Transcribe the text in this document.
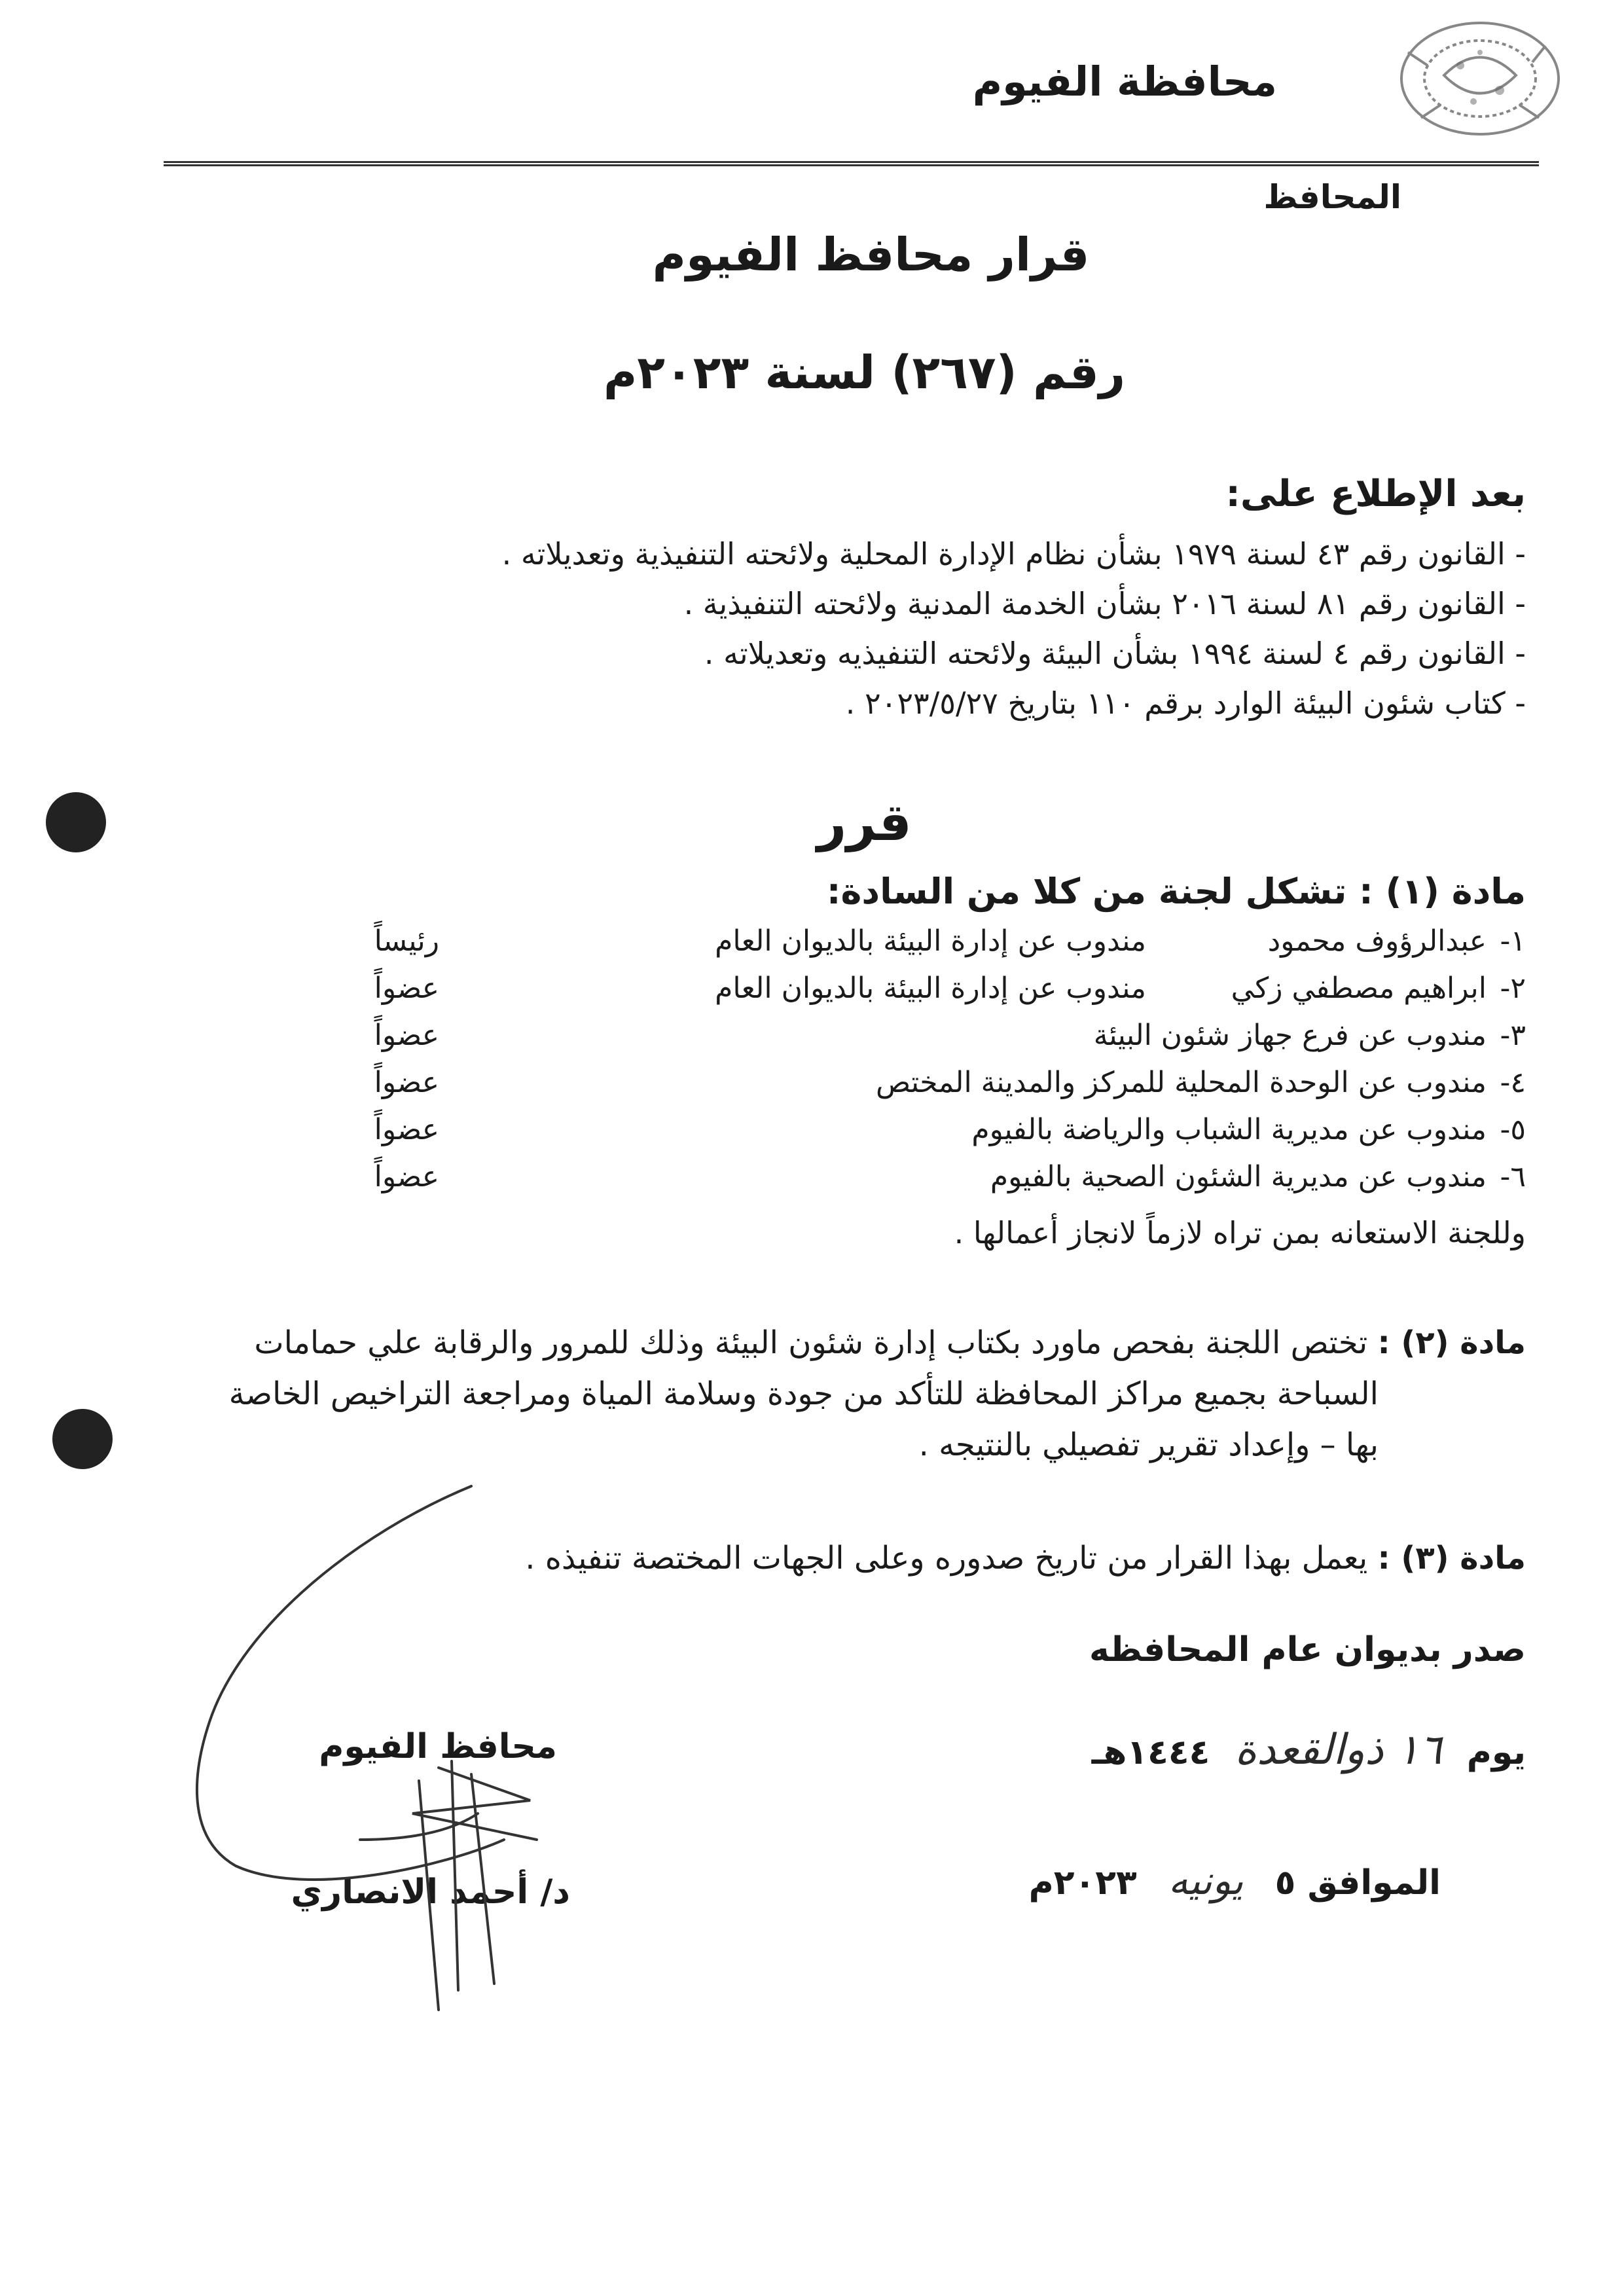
محافظة الفيوم
المحافظ
قرار محافظ الفيوم
رقم (٢٦٧) لسنة ٢٠٢٣م
بعد الإطلاع على:
- القانون رقم ٤٣ لسنة ١٩٧٩ بشأن نظام الإدارة المحلية ولائحته التنفيذية وتعديلاته .
- القانون رقم ٨١ لسنة ٢٠١٦ بشأن الخدمة المدنية ولائحته التنفيذية .
- القانون رقم ٤ لسنة ١٩٩٤ بشأن البيئة ولائحته التنفيذيه وتعديلاته .
- كتاب شئون البيئة الوارد برقم ١١٠ بتاريخ ٢٠٢٣/٥/٢٧ .
قرر
مادة (١) : تشكل لجنة من كلا من السادة:
١-
عبدالرؤوف محمود
مندوب عن إدارة البيئة بالديوان العام
رئيساً
٢-
ابراهيم مصطفي زكي
مندوب عن إدارة البيئة بالديوان العام
عضواً
٣-
مندوب عن فرع جهاز شئون البيئة
عضواً
٤-
مندوب عن الوحدة المحلية للمركز والمدينة المختص
عضواً
٥-
مندوب عن مديرية الشباب والرياضة بالفيوم
عضواً
٦-
مندوب عن مديرية الشئون الصحية بالفيوم
عضواً
وللجنة الاستعانه بمن تراه لازماً لانجاز أعمالها .

مادة (٢) : تختص اللجنة بفحص ماورد بكتاب إدارة شئون البيئة وذلك للمرور والرقابة علي حمامات

السباحة بجميع مراكز المحافظة للتأكد من جودة وسلامة المياة ومراجعة التراخيص الخاصة

بها – وإعداد تقرير تفصيلي بالنتيجه .

مادة (٣) : يعمل بهذا القرار من تاريخ صدوره وعلى الجهات المختصة تنفيذه .
صدر بديوان عام المحافظه
يوم ١٦ ذوالقعدة ١٤٤٤هـ
الموافق ٥ يونيه ٢٠٢٣م
محافظ الفيوم
د/ أحمد الانصاري
